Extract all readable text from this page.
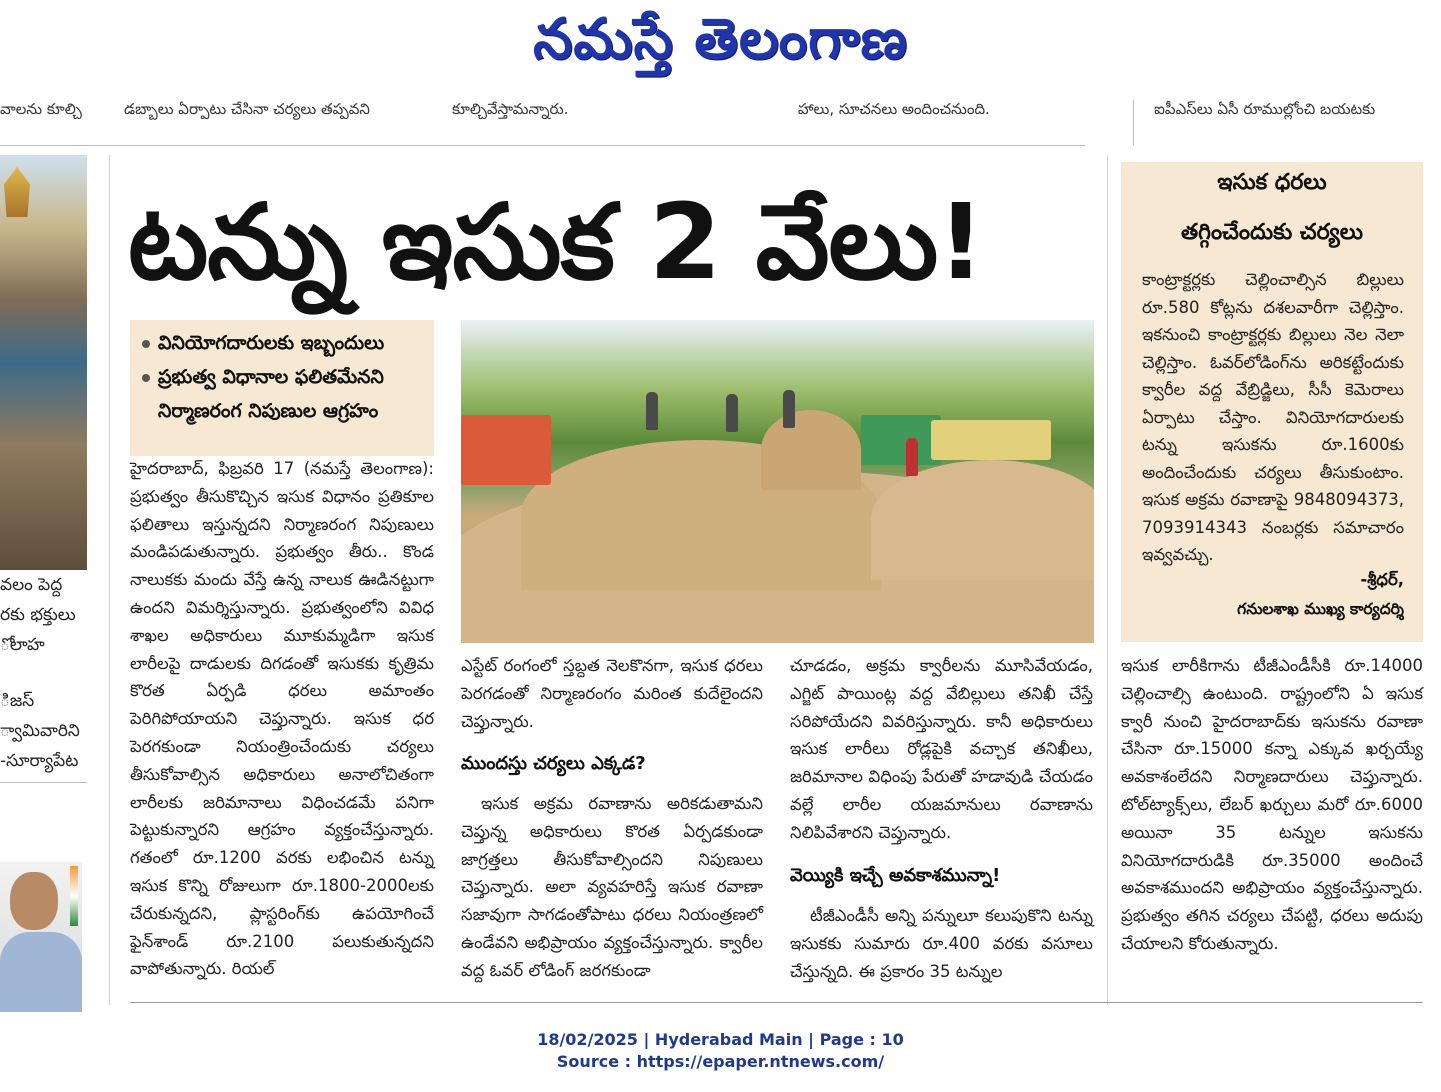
నమస్తే తెలంగాణ
వాలను కూల్చి	డబ్బాలు ఏర్పాటు చేసినా చర్యలు తప్పవని	కూల్చివేస్తామన్నారు.	హాలు, సూచనలు అందించనుంది.	ఐపీఎస్‌లు ఏసీ రూముల్లోంచి బయటకు
వలం పెద్ద
రకు భక్తులు
ోలాహ
ిజస్
్వామివారిని
-సూర్యాపేట
టన్ను ఇసుక 2 వేలు!
వినియోగదారులకు ఇబ్బందులు
ప్రభుత్వ విధానాల ఫలితమేనని
నిర్మాణరంగ నిపుణుల ఆగ్రహం
హైదరాబాద్, ఫిబ్రవరి 17 (నమస్తే తెలంగాణ): ప్రభుత్వం తీసుకొచ్చిన ఇసుక విధానం ప్రతికూల ఫలితాలు ఇస్తున్నదని నిర్మాణరంగ నిపుణులు మండిపడుతున్నారు. ప్రభుత్వం తీరు.. కొండ నాలుకకు మందు వేస్తే ఉన్న నాలుక ఊడినట్టుగా ఉందని విమర్శిస్తున్నారు. ప్రభుత్వంలోని వివిధ శాఖల అధికారులు మూకుమ్మడిగా ఇసుక లారీలపై దాడులకు దిగడంతో ఇసుకకు కృత్రిమ కొరత ఏర్పడి ధరలు అమాంతం పెరిగిపోయాయని చెప్తున్నారు. ఇసుక ధర పెరగకుండా నియంత్రించేందుకు చర్యలు తీసుకోవాల్సిన అధికారులు అనాలోచితంగా లారీలకు జరిమానాలు విధించడమే పనిగా పెట్టుకున్నారని ఆగ్రహం వ్యక్తంచేస్తున్నారు. గతంలో రూ.1200 వరకు లభించిన టన్ను ఇసుక కొన్ని రోజులుగా రూ.1800-2000లకు చేరుకున్నదని, ప్లాస్టరింగ్‌కు ఉపయోగించే ఫైన్‌శాండ్ రూ.2100 పలుకుతున్నదని వాపోతున్నారు. రియల్
ఎస్టేట్ రంగంలో స్తబ్దత నెలకొనగా, ఇసుక ధరలు పెరగడంతో నిర్మాణరంగం మరింత కుదేలైందని చెప్తున్నారు.
ముందస్తు చర్యలు ఎక్కడ?
ఇసుక అక్రమ రవాణాను అరికడుతామని చెప్తున్న అధికారులు కొరత ఏర్పడకుండా జాగ్రత్తలు తీసుకోవాల్సిందని నిపుణులు చెప్తున్నారు. అలా వ్యవహరిస్తే ఇసుక రవాణా సజావుగా సాగడంతోపాటు ధరలు నియంత్రణలో ఉండేవని అభిప్రాయం వ్యక్తంచేస్తున్నారు. క్వారీల వద్ద ఓవర్ లోడింగ్ జరగకుండా
చూడడం, అక్రమ క్వారీలను మూసివేయడం, ఎగ్జిట్ పాయింట్ల వద్ద వేబిల్లులు తనిఖీ చేస్తే సరిపోయేదని వివరిస్తున్నారు. కానీ అధికారులు ఇసుక లారీలు రోడ్లపైకి వచ్చాక తనిఖీలు, జరిమానాల విధింపు పేరుతో హడావుడి చేయడం వల్లే లారీల యజమానులు రవాణాను నిలిపివేశారని చెప్తున్నారు.
వెయ్యికి ఇచ్చే అవకాశమున్నా!
టీజీఎండీసీ అన్ని పన్నులూ కలుపుకొని టన్ను ఇసుకకు సుమారు రూ.400 వరకు వసూలు చేస్తున్నది. ఈ ప్రకారం 35 టన్నుల
ఇసుక లారీకిగాను టీజీఎండీసీకి రూ.14000 చెల్లించాల్సి ఉంటుంది. రాష్ట్రంలోని ఏ ఇసుక క్వారీ నుంచి హైదరాబాద్‌కు ఇసుకను రవాణా చేసినా రూ.15000 కన్నా ఎక్కువ ఖర్చయ్యే అవకాశంలేదని నిర్మాణదారులు చెప్తున్నారు. టోల్‌ట్యాక్స్‌లు, లేబర్ ఖర్చులు మరో రూ.6000 అయినా 35 టన్నుల ఇసుకను వినియోగదారుడికి రూ.35000 అందించే అవకాశముందని అభిప్రాయం వ్యక్తంచేస్తున్నారు. ప్రభుత్వం తగిన చర్యలు చేపట్టి, ధరలు అదుపు చేయాలని కోరుతున్నారు.
ఇసుక ధరలు
తగ్గించేందుకు చర్యలు
కాంట్రాక్టర్లకు చెల్లించాల్సిన బిల్లులు రూ.580 కోట్లను దశలవారీగా చెల్లిస్తాం. ఇకనుంచి కాంట్రాక్టర్లకు బిల్లులు నెల నెలా చెల్లిస్తాం. ఓవర్‌లోడింగ్‌ను అరికట్టేందుకు క్వారీల వద్ద వేబ్రిడ్జిలు, సీసీ కెమెరాలు ఏర్పాటు చేస్తాం. వినియోగదారులకు టన్ను ఇసుకను రూ.1600కు అందించేందుకు చర్యలు తీసుకుంటాం. ఇసుక అక్రమ రవాణాపై 9848094373, 7093914343 నంబర్లకు సమాచారం ఇవ్వవచ్చు.
-శ్రీధర్,
గనులశాఖ ముఖ్య కార్యదర్శి
18/02/2025 | Hyderabad Main | Page : 10
Source : https://epaper.ntnews.com/
